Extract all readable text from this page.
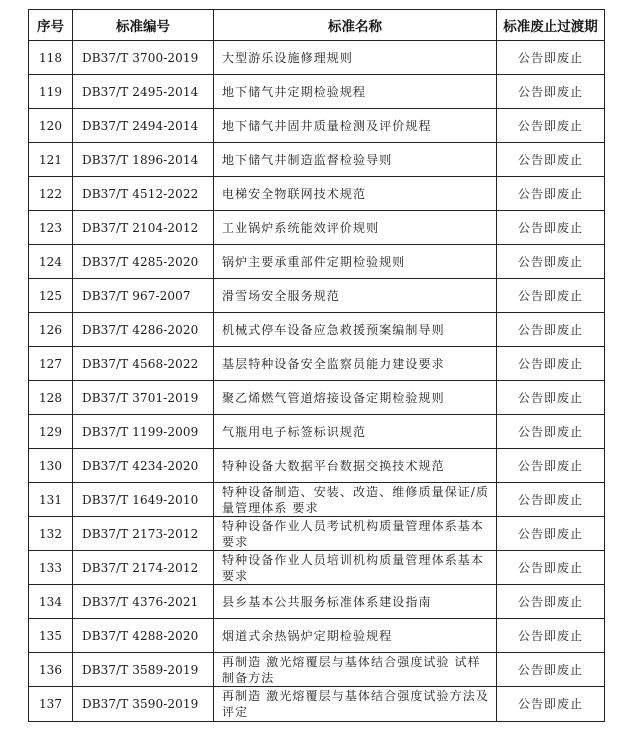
序号	标准编号	标准名称	标准废止过渡期
118	DB37/T 3700-2019	大型游乐设施修理规则	公告即废止
119	DB37/T 2495-2014	地下储气井定期检验规程	公告即废止
120	DB37/T 2494-2014	地下储气井固井质量检测及评价规程	公告即废止
121	DB37/T 1896-2014	地下储气井制造监督检验导则	公告即废止
122	DB37/T 4512-2022	电梯安全物联网技术规范	公告即废止
123	DB37/T 2104-2012	工业锅炉系统能效评价规则	公告即废止
124	DB37/T 4285-2020	锅炉主要承重部件定期检验规则	公告即废止
125	DB37/T 967-2007	滑雪场安全服务规范	公告即废止
126	DB37/T 4286-2020	机械式停车设备应急救援预案编制导则	公告即废止
127	DB37/T 4568-2022	基层特种设备安全监察员能力建设要求	公告即废止
128	DB37/T 3701-2019	聚乙烯燃气管道熔接设备定期检验规则	公告即废止
129	DB37/T 1199-2009	气瓶用电子标签标识规范	公告即废止
130	DB37/T 4234-2020	特种设备大数据平台数据交换技术规范	公告即废止
131	DB37/T 1649-2010	特种设备制造、安装、改造、维修质量保证/质量管理体系 要求	公告即废止
132	DB37/T 2173-2012	特种设备作业人员考试机构质量管理体系基本要求	公告即废止
133	DB37/T 2174-2012	特种设备作业人员培训机构质量管理体系基本要求	公告即废止
134	DB37/T 4376-2021	县乡基本公共服务标准体系建设指南	公告即废止
135	DB37/T 4288-2020	烟道式余热锅炉定期检验规程	公告即废止
136	DB37/T 3589-2019	再制造 激光熔覆层与基体结合强度试验 试样制备方法	公告即废止
137	DB37/T 3590-2019	再制造 激光熔覆层与基体结合强度试验方法及评定	公告即废止
